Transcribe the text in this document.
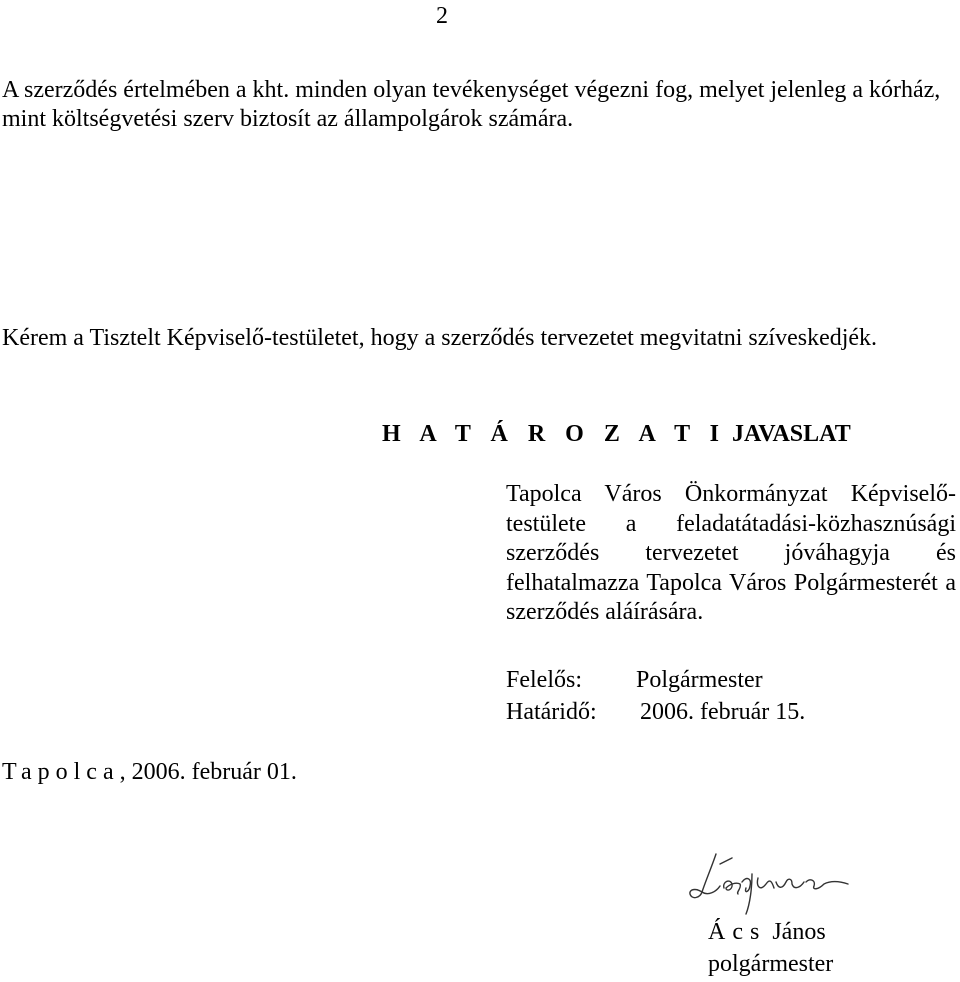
2

A szerződés értelmében a kht. minden olyan tevékenységet végezni fog, melyet jelenleg a kórház, mint költségvetési szerv biztosít az állampolgárok számára.

Kérem a Tisztelt Képviselő-testületet, hogy a szerződés tervezetet megvitatni szíveskedjék.

H A T Á R O Z A T I JAVASLAT

Tapolca Város Önkormányzat Képviselő-testülete a feladatátadási-közhasznúsági szerződés tervezetet jóváhagyja és felhatalmazza Tapolca Város Polgármesterét a szerződés aláírására.

Felelős: Polgármester
Határidő: 2006. február 15.
Tapolca, 2006. február 01.
Ács János
polgármester
